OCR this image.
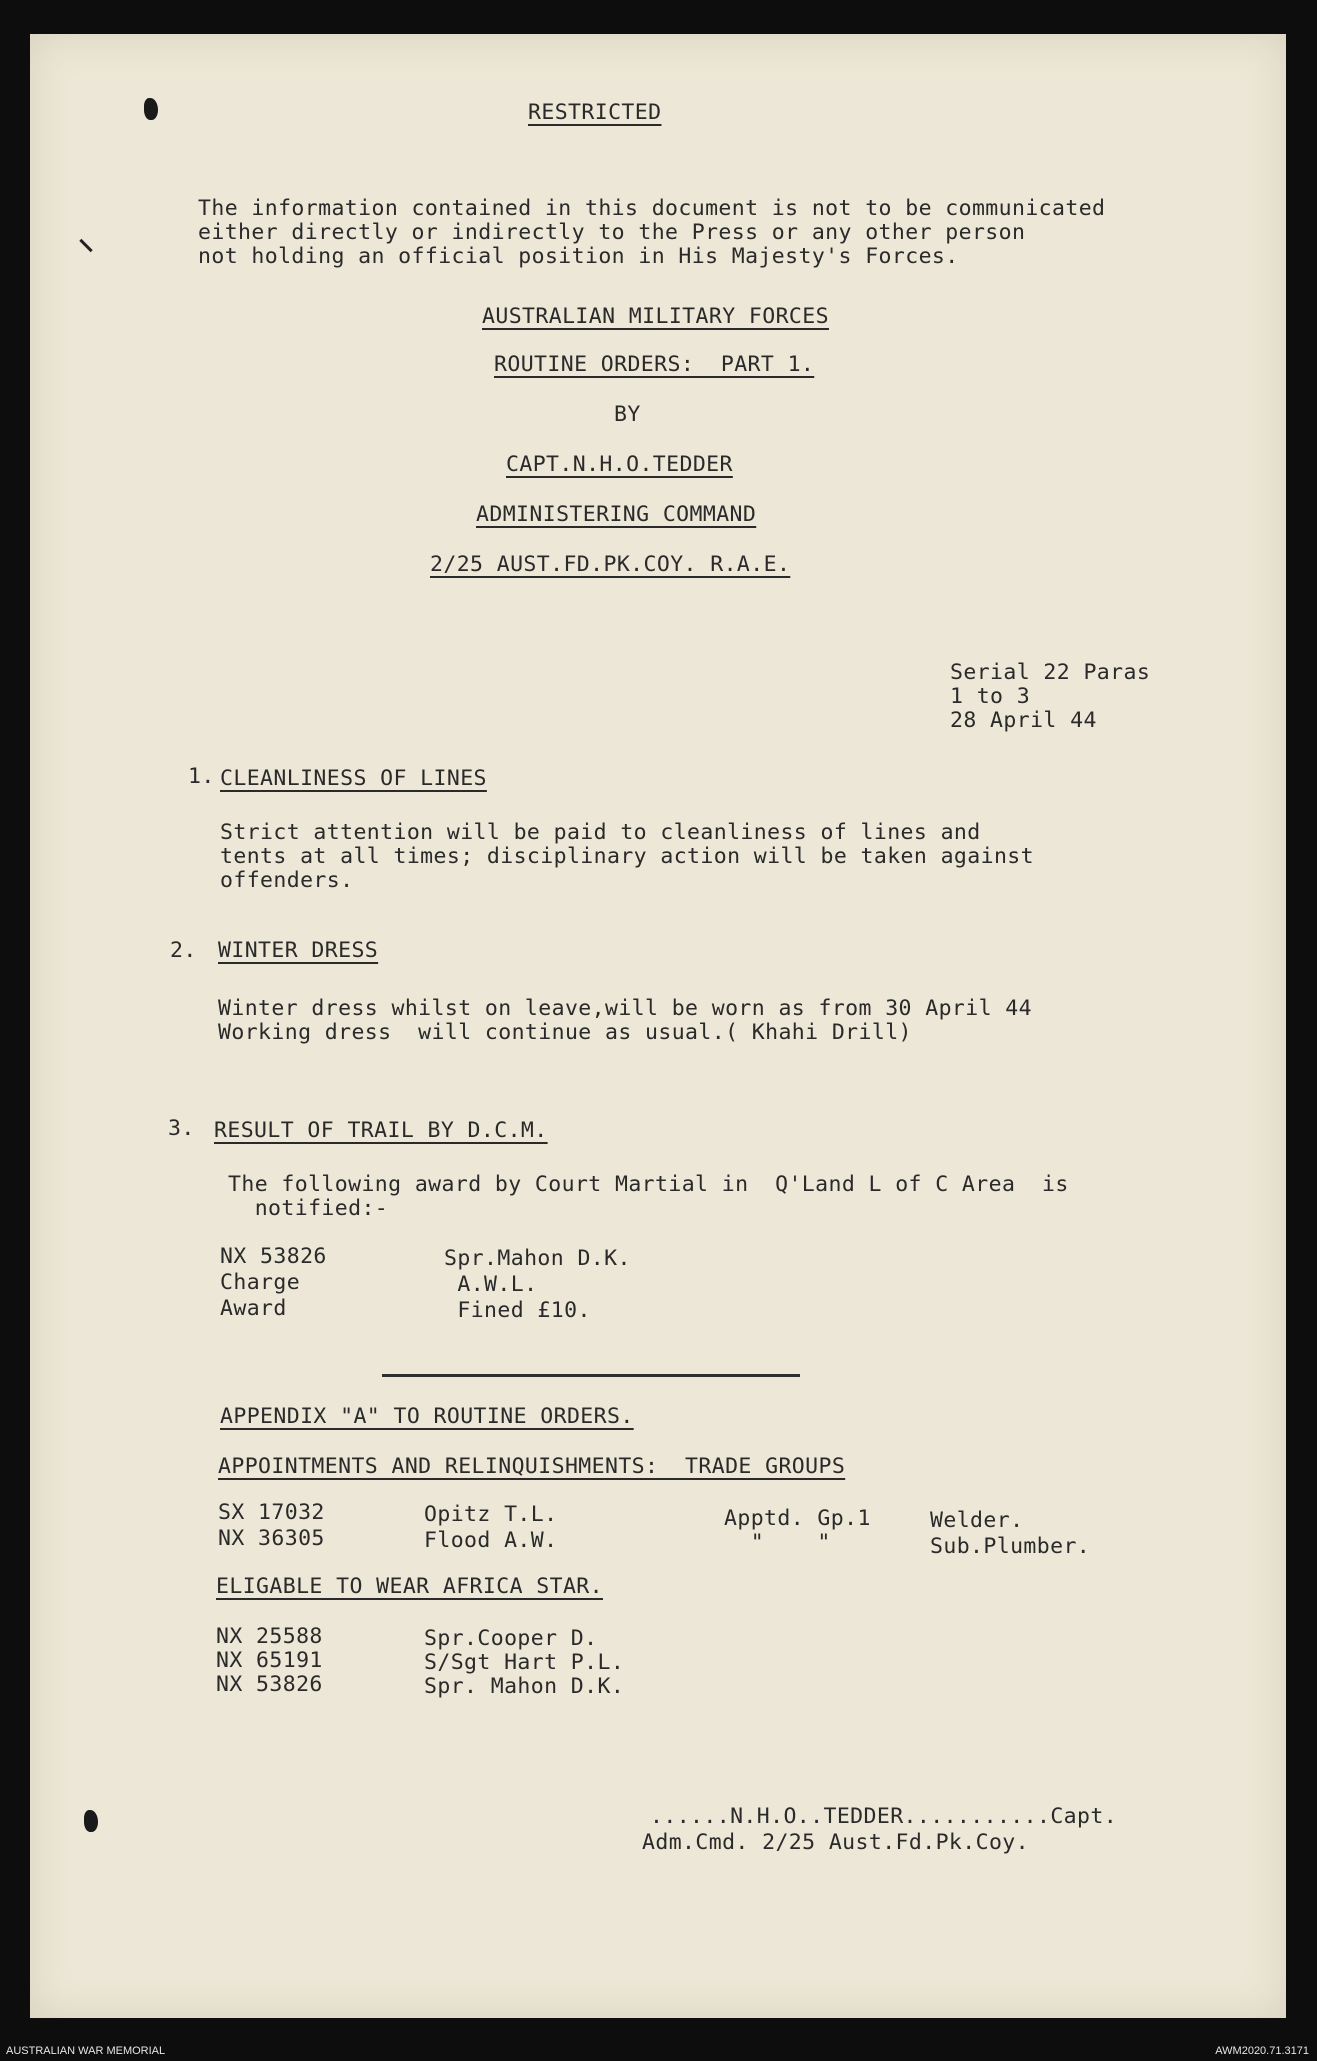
RESTRICTED
The information contained in this document is not to be communicated
either directly or indirectly to the Press or any other person
not holding an official position in His Majesty's Forces.
AUSTRALIAN MILITARY FORCES
ROUTINE ORDERS:  PART 1.
BY
CAPT.N.H.O.TEDDER
ADMINISTERING COMMAND
2/25 AUST.FD.PK.COY. R.A.E.
Serial 22 Paras
1 to 3
28 April 44
1. CLEANLINESS OF LINES
Strict attention will be paid to cleanliness of lines and
tents at all times; disciplinary action will be taken against
offenders.
2. WINTER DRESS
Winter dress whilst on leave,will be worn as from 30 April 44
Working dress  will continue as usual.( Khahi Drill)
3. RESULT OF TRAIL BY D.C.M.
The following award by Court Martial in  Q'Land L of C Area  is
notified:-
NX 53826	Spr.Mahon D.K.
Charge	A.W.L.
Award	Fined £10.
APPENDIX "A" TO ROUTINE ORDERS.
APPOINTMENTS AND RELINQUISHMENTS:  TRADE GROUPS
SX 17032	Opitz T.L.	Apptd. Gp.1	Welder.
NX 36305	Flood A.W.	"    "	Sub.Plumber.
ELIGABLE TO WEAR AFRICA STAR.
NX 25588	Spr.Cooper D.
NX 65191	S/Sgt Hart P.L.
NX 53826	Spr. Mahon D.K.
......N.H.O..TEDDER...........Capt.
Adm.Cmd. 2/25 Aust.Fd.Pk.Coy.
AUSTRALIAN WAR MEMORIAL	AWM2020.71.3171
